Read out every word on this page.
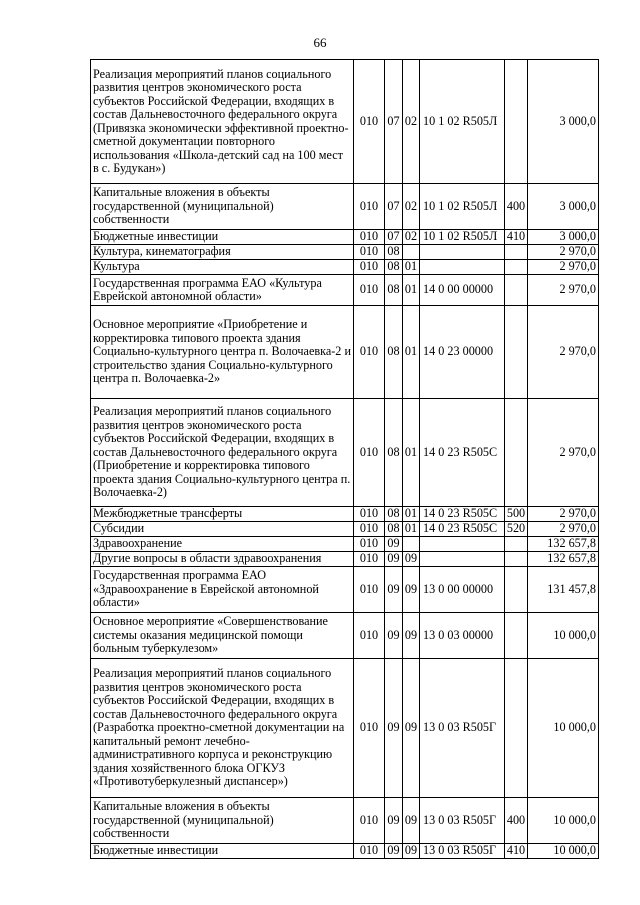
66
Реализация мероприятий планов социального развития центров экономического роста субъектов Российской Федерации, входящих в состав Дальневосточного федерального округа (Привязка экономически эффективной проектно-сметной документации повторного использования «Школа-детский сад на 100 мест в с. Будукан»)	010	07	02	10 1 02 R505Л		3 000,0
Капитальные вложения в объекты государственной (муниципальной) собственности	010	07	02	10 1 02 R505Л	400	3 000,0
Бюджетные инвестиции	010	07	02	10 1 02 R505Л	410	3 000,0
Культура, кинематография	010	08				2 970,0
Культура	010	08	01			2 970,0
Государственная программа ЕАО «Культура Еврейской автономной области»	010	08	01	14 0 00 00000		2 970,0
Основное мероприятие «Приобретение и корректировка типового проекта здания Социально-культурного центра п. Волочаевка-2 и строительство здания Социально-культурного центра п. Волочаевка-2»	010	08	01	14 0 23 00000		2 970,0
Реализация мероприятий планов социального развития центров экономического роста субъектов Российской Федерации, входящих в состав Дальневосточного федерального округа (Приобретение и корректировка типового проекта здания Социально-культурного центра п. Волочаевка-2)	010	08	01	14 0 23 R505C		2 970,0
Межбюджетные трансферты	010	08	01	14 0 23 R505C	500	2 970,0
Субсидии	010	08	01	14 0 23 R505C	520	2 970,0
Здравоохранение	010	09				132 657,8
Другие вопросы в области здравоохранения	010	09	09			132 657,8
Государственная программа ЕАО «Здравоохранение в Еврейской автономной области»	010	09	09	13 0 00 00000		131 457,8
Основное мероприятие «Совершенствование системы оказания медицинской помощи больным туберкулезом»	010	09	09	13 0 03 00000		10 000,0
Реализация мероприятий планов социального развития центров экономического роста субъектов Российской Федерации, входящих в состав Дальневосточного федерального округа (Разработка проектно-сметной документации на капитальный ремонт лечебно-административного корпуса и реконструкцию здания хозяйственного блока ОГКУЗ «Противотуберкулезный диспансер»)	010	09	09	13 0 03 R505Г		10 000,0
Капитальные вложения в объекты государственной (муниципальной) собственности	010	09	09	13 0 03 R505Г	400	10 000,0
Бюджетные инвестиции	010	09	09	13 0 03 R505Г	410	10 000,0
